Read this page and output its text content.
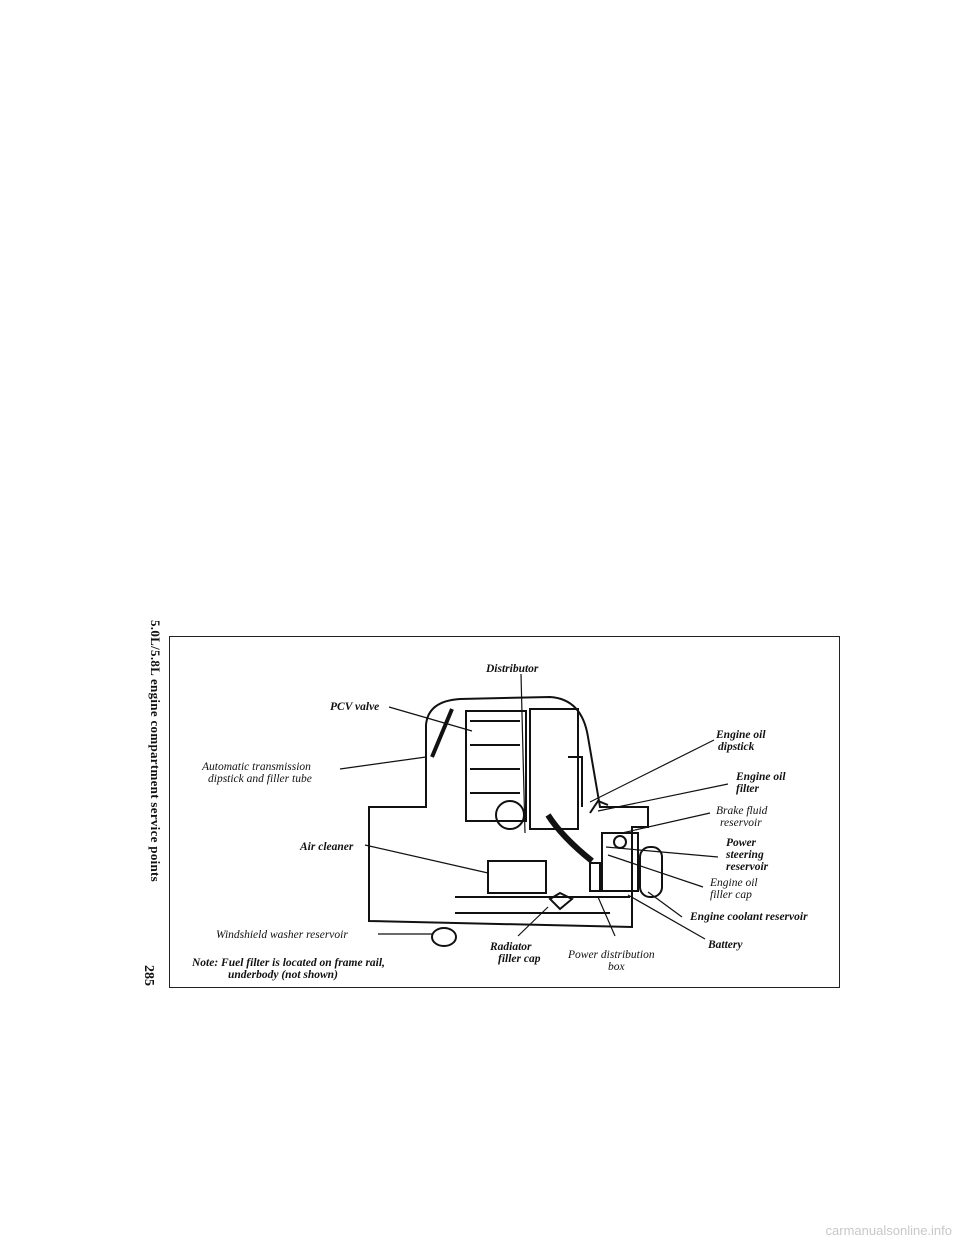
5.0L/5.8L engine compartment service points
285
Distributor
PCV valve
Automatic transmission
dipstick and filler tube
Air cleaner
Windshield washer reservoir
Note: Fuel filter is located on frame rail,
underbody (not shown)
Radiator
filler cap Power distribution
box
Battery
Engine coolant reservoir
Engine oil
filler cap
Power
steering
reservoir
Brake fluid
reservoir
Engine oil
filter
Engine oil
dipstick
carmanualsonline.info
